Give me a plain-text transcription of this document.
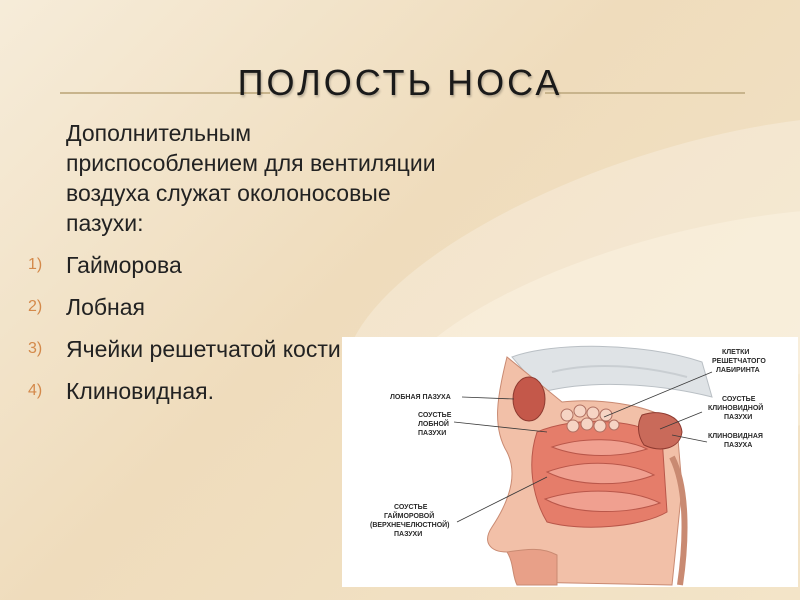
ПОЛОСТЬ НОСА
Дополнительным приспособлением для вентиляции воздуха служат околоносовые пазухи:
1)	Гайморова
2)	Лобная
3)	Ячейки решетчатой кости
4)	Клиновидная.	ЛОБНАЯ ПАЗУХА
СОУСТЬЕ
ЛОБНОЙ
ПАЗУХИ
КЛЕТКИ
РЕШЕТЧАТОГО
ЛАБИРИНТА
СОУСТЬЕ
КЛИНОВИДНОЙ
ПАЗУХИ
КЛИНОВИДНАЯ
ПАЗУХА
СОУСТЬЕ
ГАЙМОРОВОЙ
(ВЕРХНЕЧЕЛЮСТНОЙ)
ПАЗУХИ
